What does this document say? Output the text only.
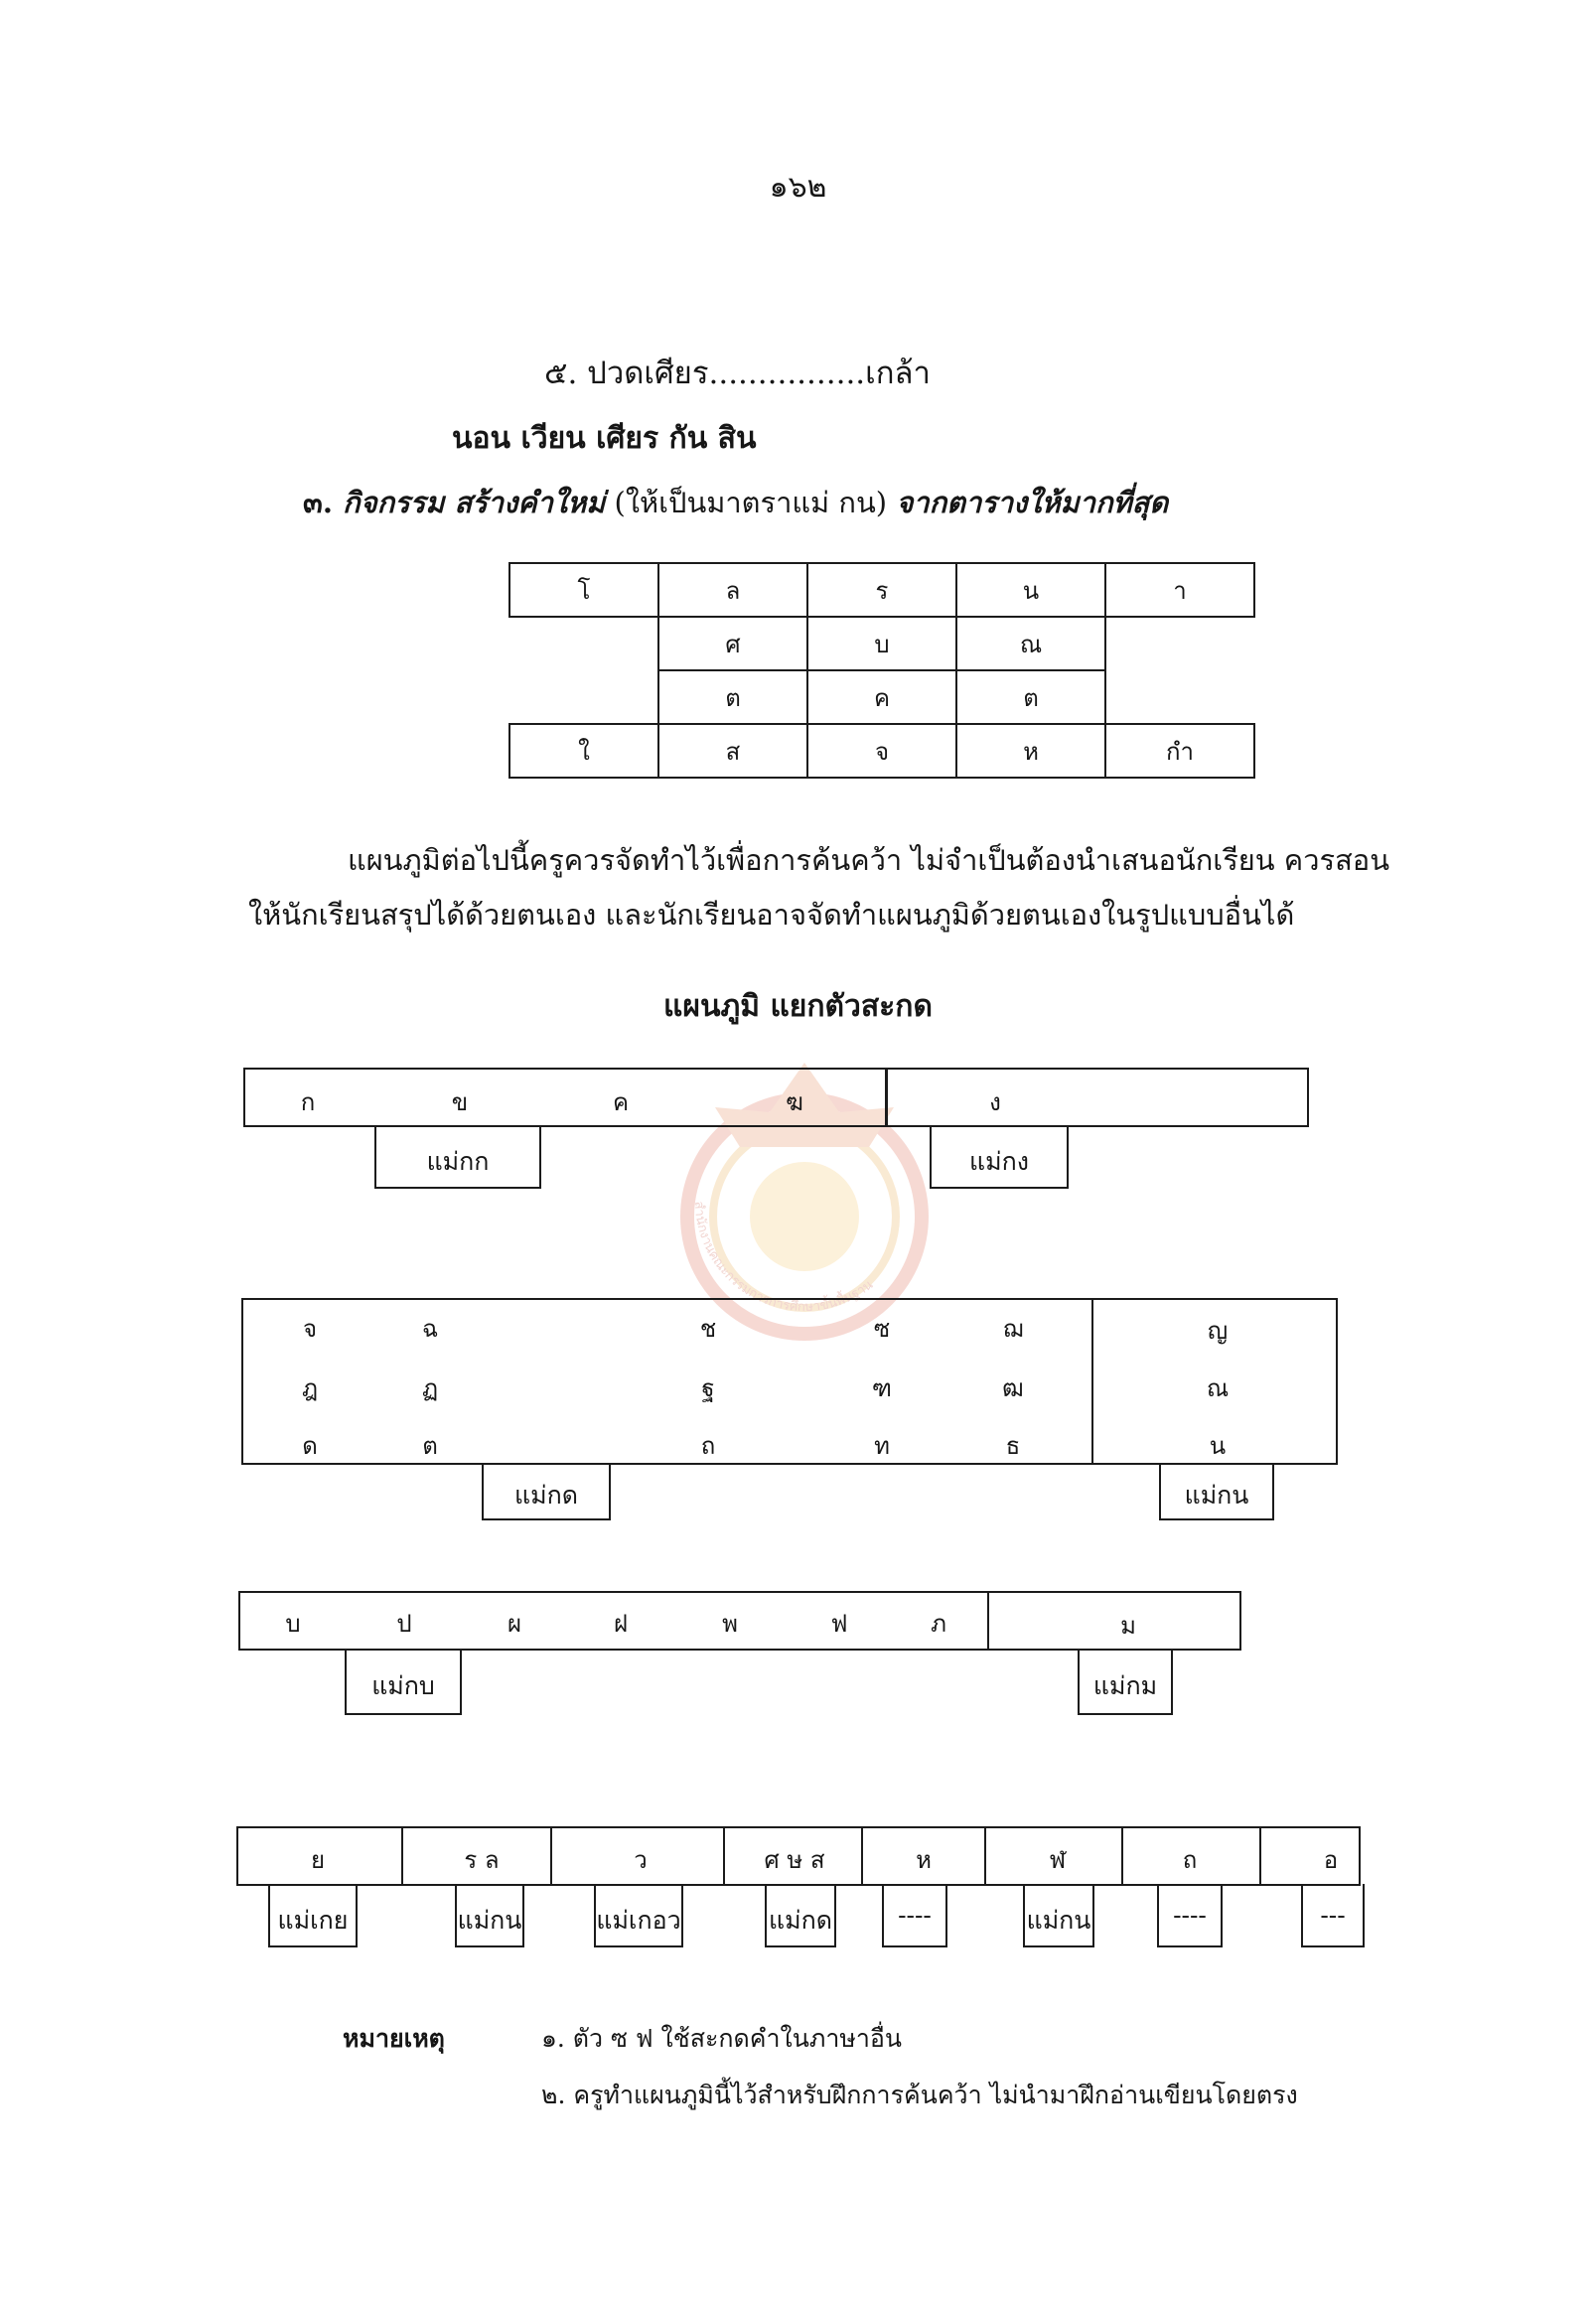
สำนักงานคณะกรรมการการศึกษาขั้นพื้นฐาน
๑๖๒
๕. ปวดเศียร................เกล้า
นอน เวียน เศียร กัน สิน
๓. กิจกรรม สร้างคำใหม่ (ให้เป็นมาตราแม่ กน) จากตารางให้มากที่สุด
โ	ล	ร	น	า
	ศ	บ	ณ	
	ต	ค	ต	
ใ	ส	จ	ห	กำ
แผนภูมิต่อไปนี้ครูควรจัดทำไว้เพื่อการค้นคว้า ไม่จำเป็นต้องนำเสนอนักเรียน ควรสอน
ให้นักเรียนสรุปได้ด้วยตนเอง และนักเรียนอาจจัดทำแผนภูมิด้วยตนเองในรูปแบบอื่นได้
แผนภูมิ แยกตัวสะกด
ก	ข	ค	ฆ	ง
แม่กก	แม่กง
จ	ฉ	ช	ซ	ฌ	ญ
ฎ	ฏ	ฐ	ฑ	ฒ	ณ
ด	ต	ถ	ท	ธ	น
แม่กด	แม่กน
บ	ป	ผ	ฝ	พ	ฟ	ภ	ม
แม่กบ	แม่กม
ย	ร ล	ว	ศ ษ ส	ห	ฬ	ถ	อ
แม่เกย	แม่กน	แม่เกอว	แม่กด	----	แม่กน	----	---
หมายเหตุ	๑. ตัว ซ ฟ ใช้สะกดคำในภาษาอื่น
๒. ครูทำแผนภูมินี้ไว้สำหรับฝึกการค้นคว้า ไม่นำมาฝึกอ่านเขียนโดยตรง
